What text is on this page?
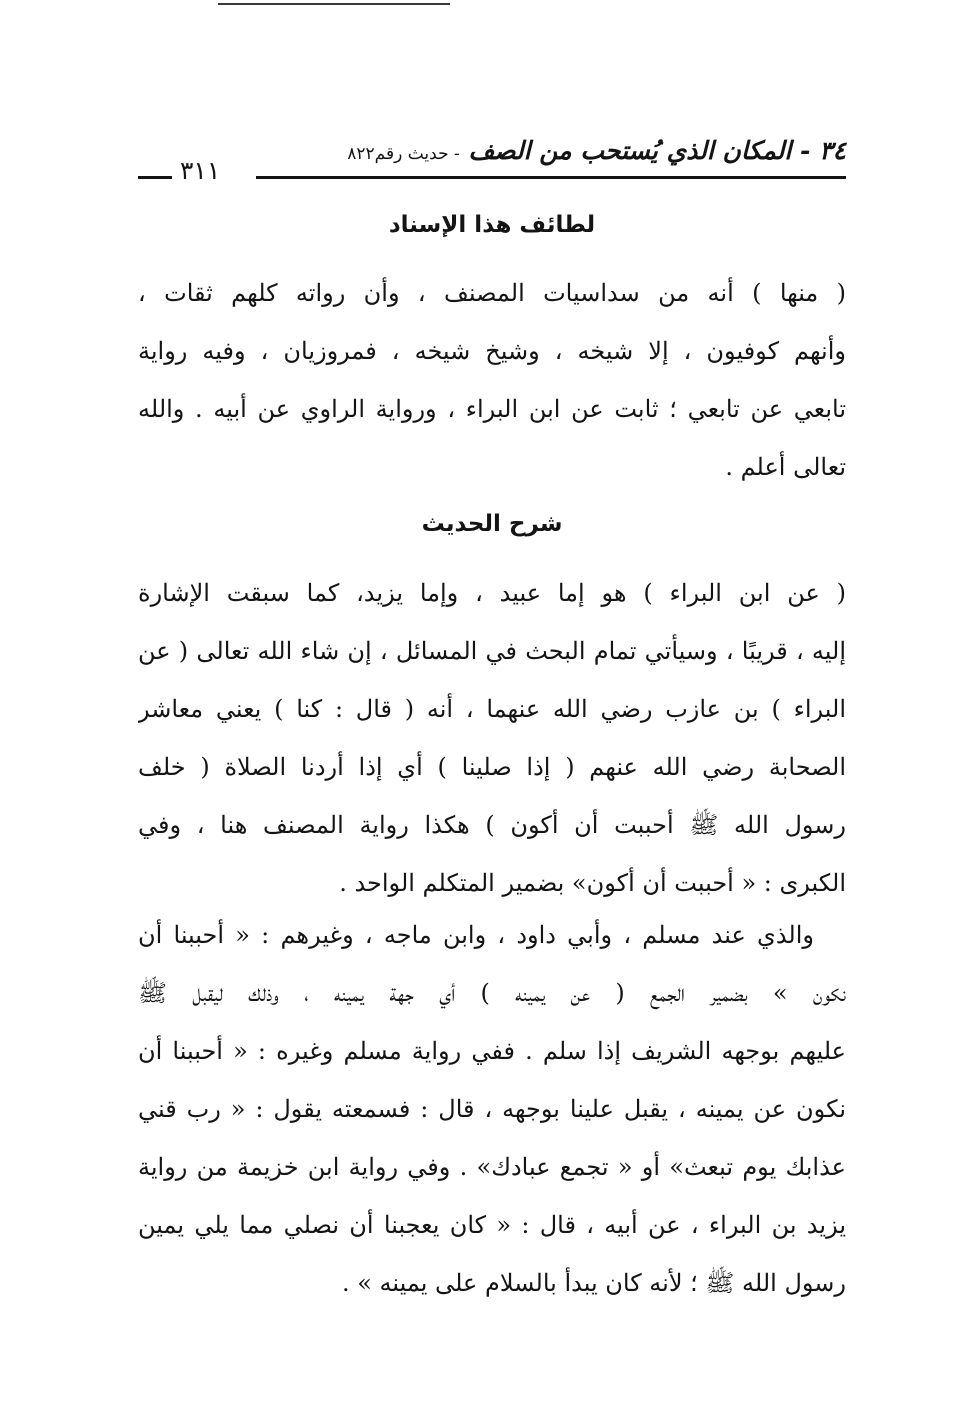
٣٤ - المكان الذي يُستحب من الصف - حديث رقم٨٢٢
٣١١
لطائف هذا الإسناد
( منها ) أنه من سداسيات المصنف ، وأن رواته كلهم ثقات ،
وأنهم كوفيون ، إلا شيخه ، وشيخ شيخه ، فمروزيان ، وفيه رواية
تابعي عن تابعي ؛ ثابت عن ابن البراء ، ورواية الراوي عن أبيه . والله
تعالى أعلم .
شرح الحديث
( عن ابن البراء ) هو إما عبيد ، وإما يزيد، كما سبقت الإشارة
إليه ، قريبًا ، وسيأتي تمام البحث في المسائل ، إن شاء الله تعالى ( عن
البراء ) بن عازب رضي الله عنهما ، أنه ( قال : كنا ) يعني معاشر
الصحابة رضي الله عنهم ( إذا صلينا ) أي إذا أردنا الصلاة ( خلف
رسول الله ﷺ أحببت أن أكون ) هكذا رواية المصنف هنا ، وفي
الكبرى : « أحببت أن أكون» بضمير المتكلم الواحد .
والذي عند مسلم ، وأبي داود ، وابن ماجه ، وغيرهم : « أحببنا أن
نكون » بضمير الجمع ( عن يمينه ) أي جهة يمينه ، وذلك ليقبل ﷺ
عليهم بوجهه الشريف إذا سلم . ففي رواية مسلم وغيره : « أحببنا أن
نكون عن يمينه ، يقبل علينا بوجهه ، قال : فسمعته يقول : « رب قني
عذابك يوم تبعث» أو « تجمع عبادك» . وفي رواية ابن خزيمة من رواية
يزيد بن البراء ، عن أبيه ، قال : « كان يعجبنا أن نصلي مما يلي يمين
رسول الله ﷺ ؛ لأنه كان يبدأ بالسلام على يمينه » .
